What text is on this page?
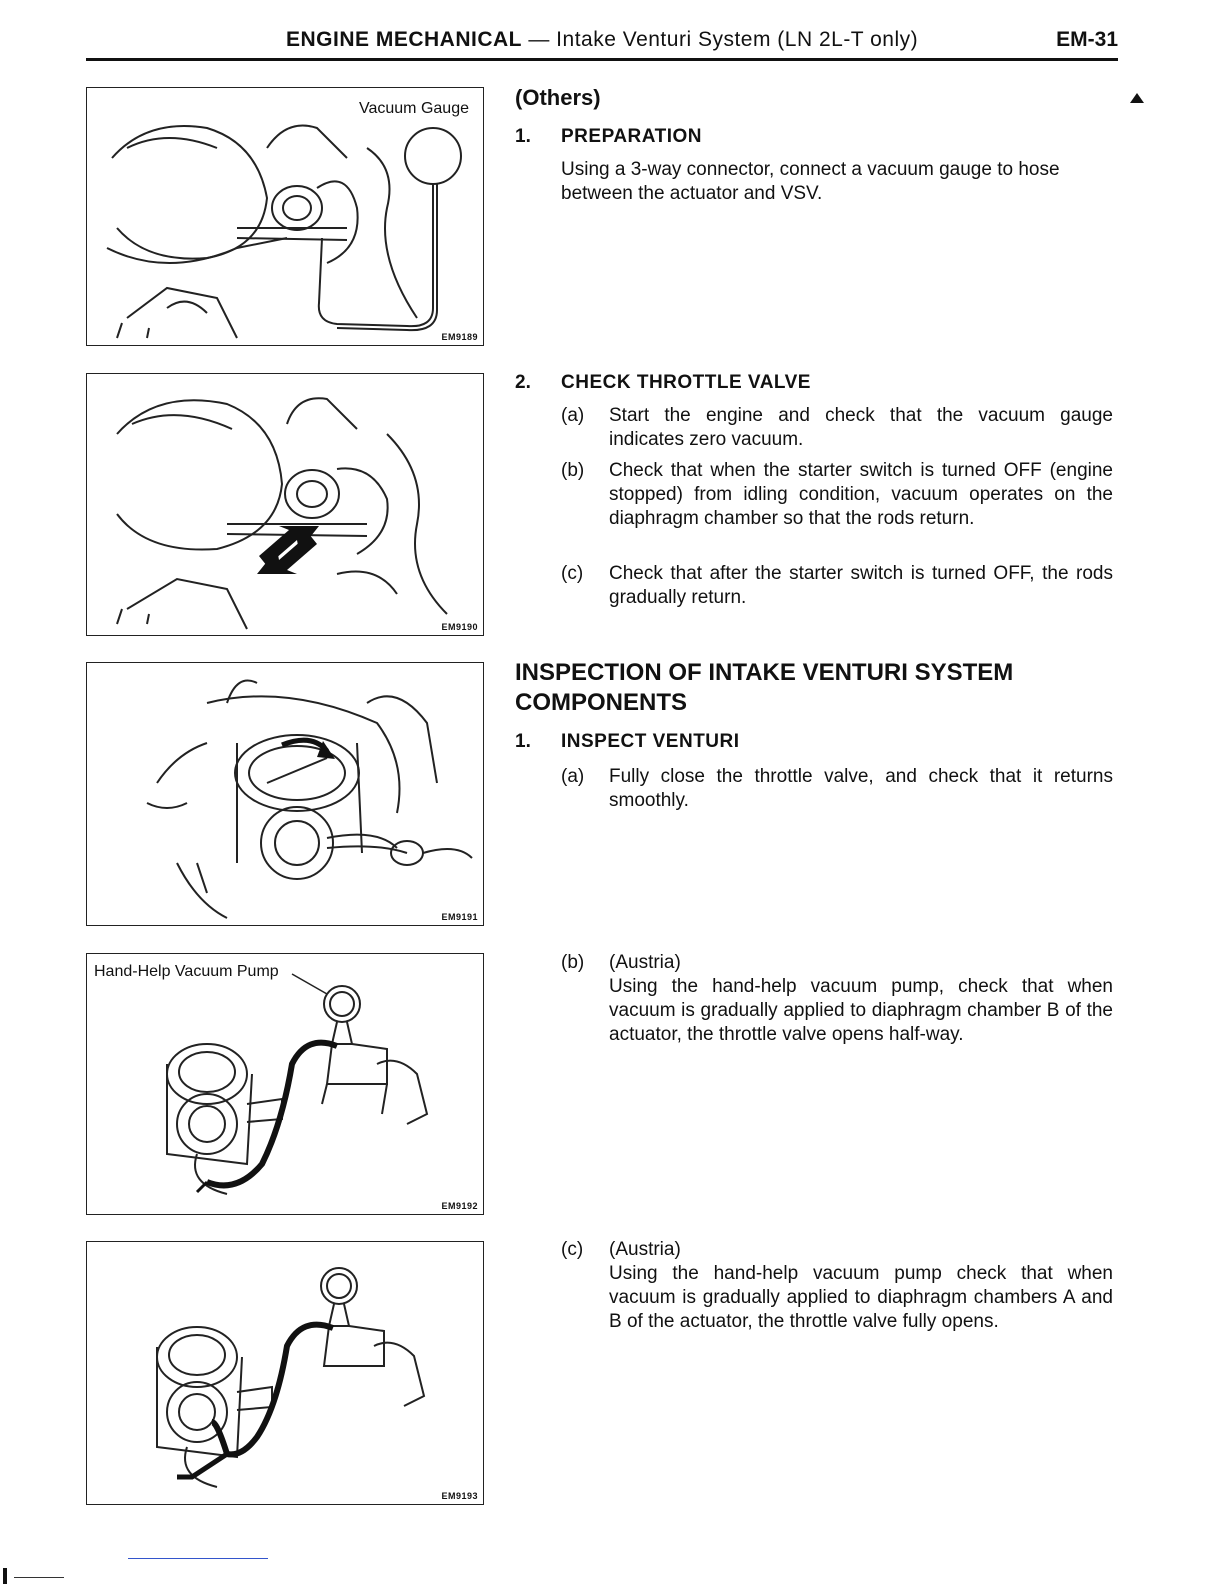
ENGINE MECHANICAL — Intake Venturi System (LN 2L-T only)	EM-31
Vacuum Gauge
EM9189
EM9190
EM9191
Hand-Help Vacuum Pump
EM9192
EM9193
(Others)
1. PREPARATION
Using a 3-way connector, connect a vacuum gauge to hose between the actuator and VSV.
2. CHECK THROTTLE VALVE
(a) Start the engine and check that the vacuum gauge indicates zero vacuum.
(b) Check that when the starter switch is turned OFF (engine stopped) from idling condition, vacuum operates on the diaphragm chamber so that the rods return.
(c) Check that after the starter switch is turned OFF, the rods gradually return.
INSPECTION OF INTAKE VENTURI SYSTEM
COMPONENTS
1. INSPECT VENTURI
(a) Fully close the throttle valve, and check that it returns smoothly.
(b) (Austria)
Using the hand-help vacuum pump, check that when vacuum is gradually applied to diaphragm chamber B of the actuator, the throttle valve opens half-way.
(c) (Austria)
Using the hand-help vacuum pump check that when vacuum is gradually applied to diaphragm chambers A and B of the actuator, the throttle valve fully opens.
